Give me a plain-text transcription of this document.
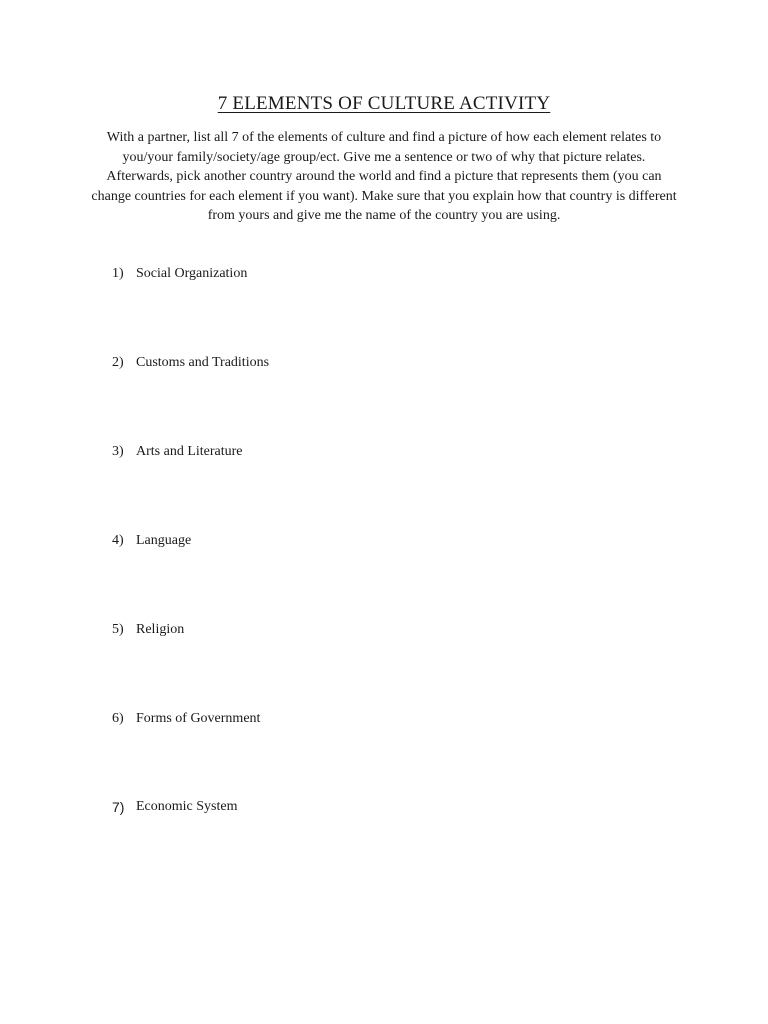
7 ELEMENTS OF CULTURE ACTIVITY

With a partner, list all 7 of the elements of culture and find a picture of how each element relates to you/your family/society/age group/ect. Give me a sentence or two of why that picture relates. Afterwards, pick another country around the world and find a picture that represents them (you can change countries for each element if you want). Make sure that you explain how that country is different from yours and give me the name of the country you are using.

1) Social Organization
2) Customs and Traditions
3) Arts and Literature
4) Language
5) Religion
6) Forms of Government
7) Economic System
